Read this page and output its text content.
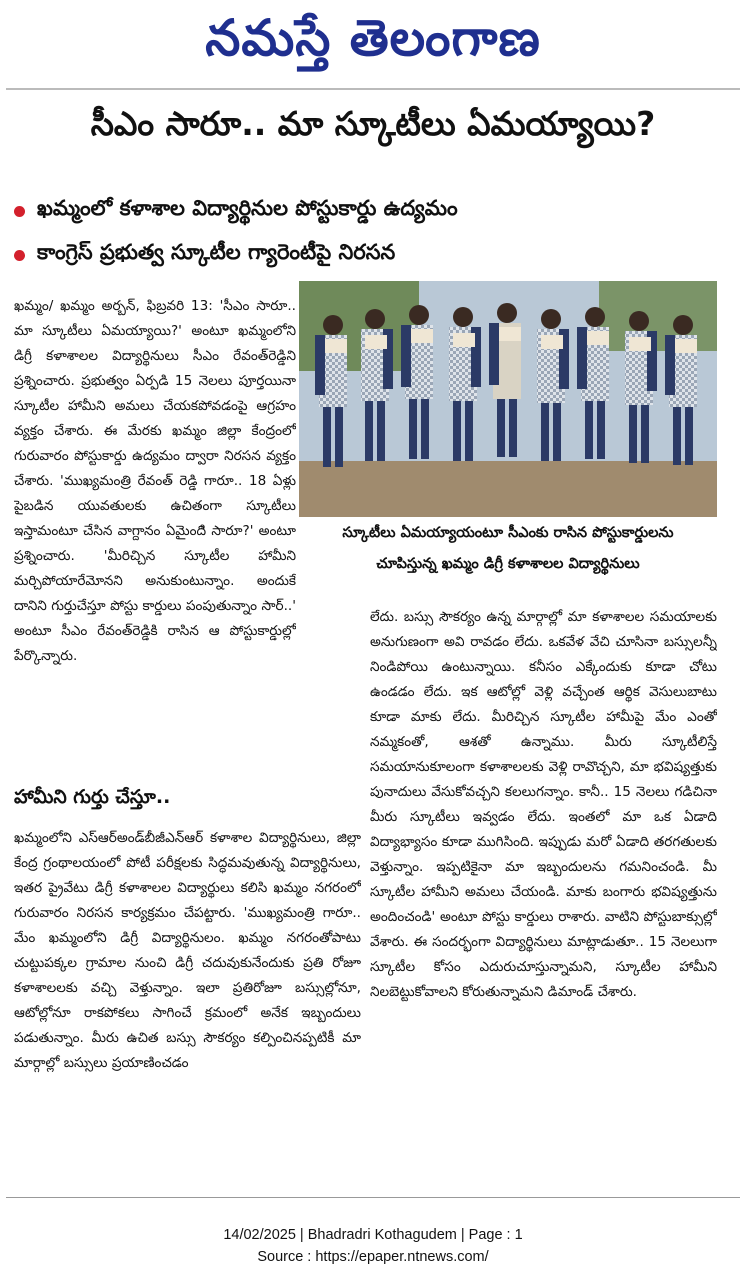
నమస్తే తెలంగాణ
సీఎం సారూ.. మా స్కూటీలు ఏమయ్యాయి?
ఖమ్మంలో కళాశాల విద్యార్థినుల పోస్టుకార్డు ఉద్యమం
కాంగ్రెస్ ప్రభుత్వ స్కూటీల గ్యారెంటీపై నిరసన
స్కూటీలు ఏమయ్యాయంటూ సీఎంకు రాసిన పోస్టుకార్డులను
చూపిస్తున్న ఖమ్మం డిగ్రీ కళాశాలల విద్యార్థినులు
ఖమ్మం/ ఖమ్మం అర్బన్, ఫిబ్రవరి 13: 'సీఎం సారూ.. మా స్కూటీలు ఏమయ్యాయి?' అంటూ ఖమ్మంలోని డిగ్రీ కళాశాలల విద్యార్థినులు సీఎం రేవంత్‌రెడ్డిని ప్రశ్నించారు. ప్రభుత్వం ఏర్పడి 15 నెలలు పూర్తయినా స్కూటీల హామీని అమలు చేయకపోవడంపై ఆగ్రహం వ్యక్తం చేశారు. ఈ మేరకు ఖమ్మం జిల్లా కేంద్రంలో గురువారం పోస్టుకార్డు ఉద్యమం ద్వారా నిరసన వ్యక్తం చేశారు. 'ముఖ్యమంత్రి రేవంత్ రెడ్డి గారూ.. 18 ఏళ్లు పైబడిన యువతులకు ఉచితంగా స్కూటీలు ఇస్తామంటూ చేసిన వాగ్దానం ఏమైందిి సారూ?' అంటూ ప్రశ్నించారు. 'మీరిచ్చిన స్కూటీల హామీని మర్చిపోయారేమోనని అనుకుంటున్నాం. అందుకే దానిని గుర్తుచేస్తూ పోస్టు కార్డులు పంపుతున్నాం సార్..' అంటూ సీఎం రేవంత్‌రెడ్డికి రాసిన ఆ పోస్టుకార్డుల్లో పేర్కొన్నారు.
హామీని గుర్తు చేస్తూ..
ఖమ్మంలోని ఎస్ఆర్అండ్‌బీజీఎన్ఆర్ కళాశాల విద్యార్థినులు, జిల్లా కేంద్ర గ్రంథాలయంలో పోటీ పరీక్షలకు సిద్ధమవుతున్న విద్యార్థినులు, ఇతర ప్రైవేటు డిగ్రీ కళాశాలల విద్యార్థులు కలిసి ఖమ్మం నగరంలో గురువారం నిరసన కార్యక్రమం చేపట్టారు. 'ముఖ్యమంత్రి గారూ.. మేం ఖమ్మంలోని డిగ్రీ విద్యార్థినులం. ఖమ్మం నగరంతోపాటు చుట్టుపక్కల గ్రామాల నుంచి డిగ్రీ చదువుకునేందుకు ప్రతి రోజూ కళాశాలలకు వచ్చి వెళ్తున్నాం. ఇలా ప్రతిరోజూ బస్సుల్లోనూ, ఆటోల్లోనూ రాకపోకలు సాగించే క్రమంలో అనేక ఇబ్బందులు పడుతున్నాం. మీరు ఉచిత బస్సు సౌకర్యం కల్పించినప్పటికీ మా మార్గాల్లో బస్సులు ప్రయాణించడం
లేదు. బస్సు సౌకర్యం ఉన్న మార్గాల్లో మా కళాశాలల సమయాలకు అనుగుణంగా అవి రావడం లేదు. ఒకవేళ వేచి చూసినా బస్సులన్నీ నిండిపోయి ఉంటున్నాయి. కనీసం ఎక్కేందుకు కూడా చోటు ఉండడం లేదు. ఇక ఆటోల్లో వెళ్లి వచ్చేంత ఆర్థిక వెసులుబాటు కూడా మాకు లేదు. మీరిచ్చిన స్కూటీల హామీపై మేం ఎంతో నమ్మకంతో, ఆశతో ఉన్నాము. మీరు స్కూటీలిస్తే సమయానుకూలంగా కళాశాలలకు వెళ్లి రావొచ్చని, మా భవిష్యత్తుకు పునాదులు వేసుకోవచ్చని కలలుగన్నాం. కానీ.. 15 నెలలు గడిచినా మీరు స్కూటీలు ఇవ్వడం లేదు. ఇంతలో మా ఒక ఏడాది విద్యాభ్యాసం కూడా ముగిసింది. ఇప్పుడు మరో ఏడాది తరగతులకు వెళ్తున్నాం. ఇప్పటికైనా మా ఇబ్బందులను గమనించండి. మీ స్కూటీల హామీని అమలు చేయండి. మాకు బంగారు భవిష్యత్తును అందించండి' అంటూ పోస్టు కార్డులు రాశారు. వాటిని పోస్టుబాక్సుల్లో వేశారు. ఈ సందర్భంగా విద్యార్థినులు మాట్లాడుతూ.. 15 నెలలుగా స్కూటీల కోసం ఎదురుచూస్తున్నామని, స్కూటీల హామీని నిలబెట్టుకోవాలని కోరుతున్నామని డిమాండ్ చేశారు.
14/02/2025 | Bhadradri Kothagudem | Page : 1
Source : https://epaper.ntnews.com/
